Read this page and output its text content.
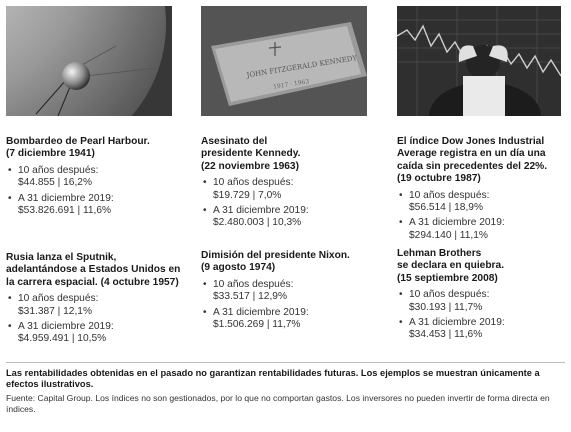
JOHN FITZGERALD KENNEDY
1917 · 1963
Bombardeo de Pearl Harbour.
(7 diciembre 1941)
• 10 años después:
$44.855 | 16,2%
• A 31 diciembre 2019:
$53.826.691 | 11,6%
Rusia lanza el Sputnik,
adelantándose a Estados Unidos en
la carrera espacial. (4 octubre 1957)
• 10 años después:
$31.387 | 12,1%
• A 31 diciembre 2019:
$4.959.491 | 10,5%
Asesinato del
presidente Kennedy.
(22 noviembre 1963)
• 10 años después:
$19.729 | 7,0%
• A 31 diciembre 2019:
$2.480.003 | 10,3%
Dimisión del presidente Nixon.
(9 agosto 1974)
• 10 años después:
$33.517 | 12,9%
• A 31 diciembre 2019:
$1.506.269 | 11,7%
El índice Dow Jones Industrial
Average registra en un día una
caída sin precedentes del 22%.
(19 octubre 1987)
• 10 años después:
$56.514 | 18,9%
• A 31 diciembre 2019:
$294.140 | 11,1%
Lehman Brothers
se declara en quiebra.
(15 septiembre 2008)
• 10 años después:
$30.193 | 11,7%
• A 31 diciembre 2019:
$34.453 | 11,6%
Las rentabilidades obtenidas en el pasado no garantizan rentabilidades futuras. Los ejemplos se muestran únicamente a efectos ilustrativos.
Fuente: Capital Group. Los índices no son gestionados, por lo que no comportan gastos. Los inversores no pueden invertir de forma directa en índices.
